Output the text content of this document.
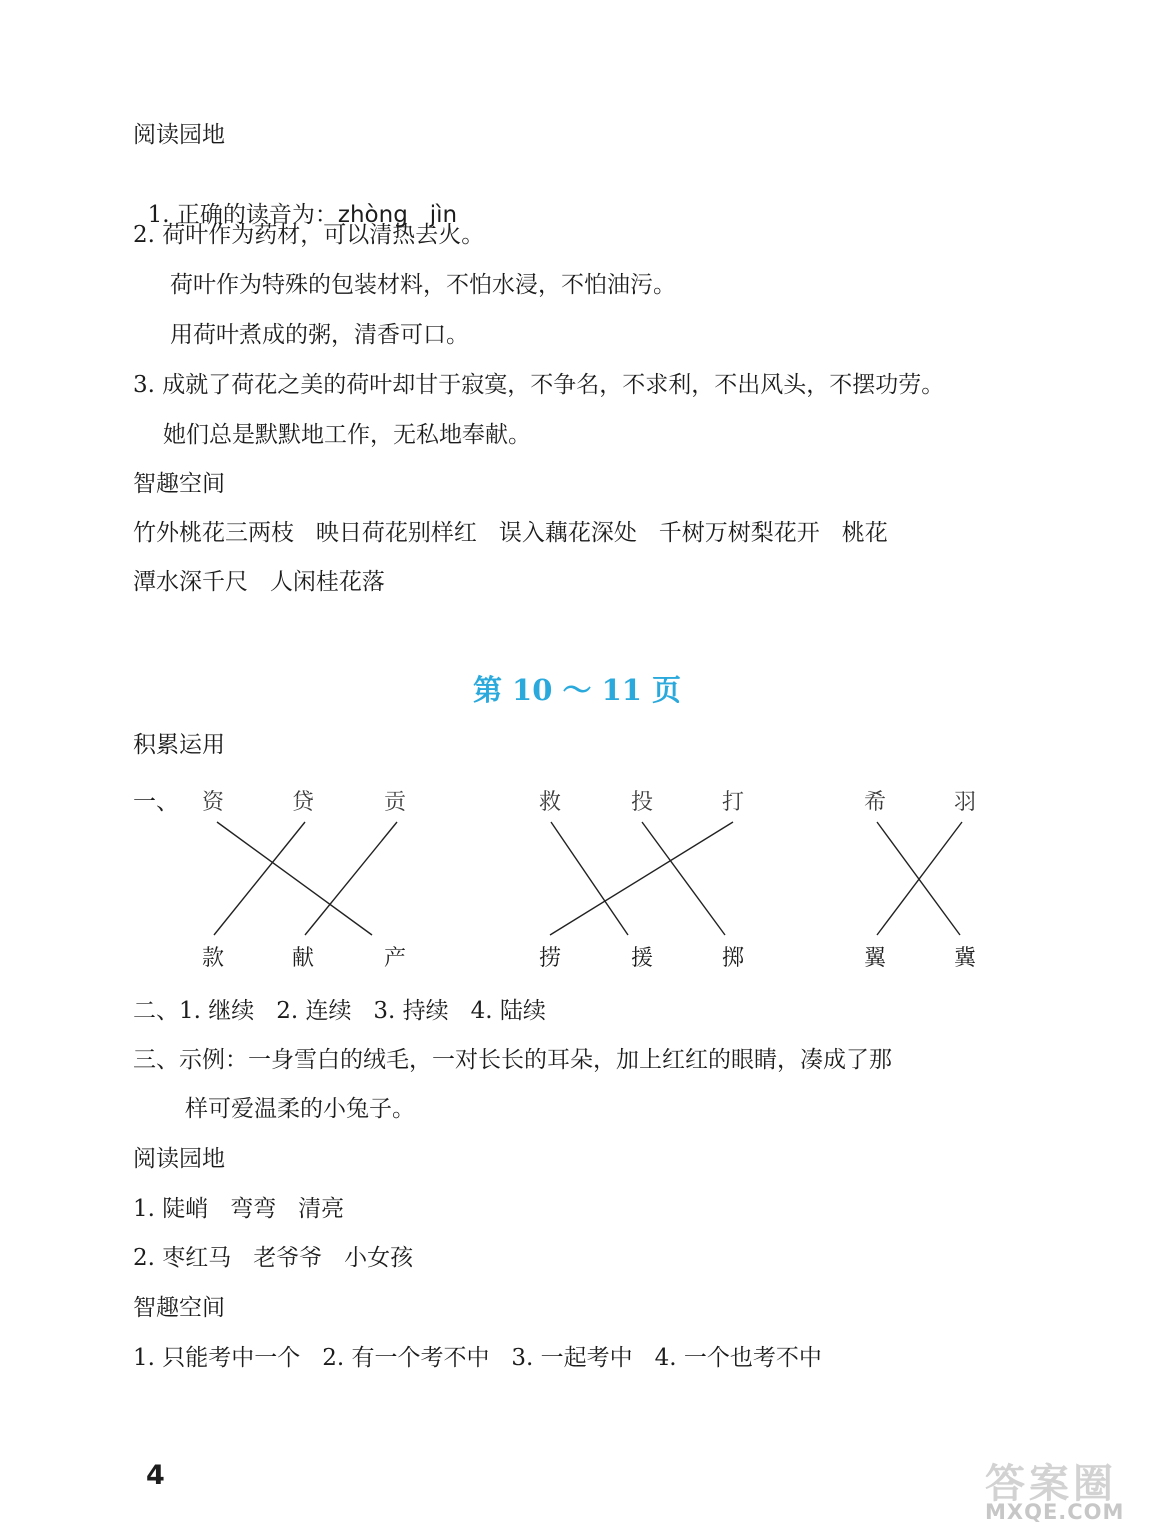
阅读园地

1. 正确的读音为：zhòng   jìn

2. 荷叶作为药材，可以清热去火。
荷叶作为特殊的包装材料，不怕水浸，不怕油污。
用荷叶煮成的粥，清香可口。
3. 成就了荷花之美的荷叶却甘于寂寞，不争名，不求利，不出风头，不摆功劳。
她们总是默默地工作，无私地奉献。
智趣空间
竹外桃花三两枝   映日荷花别样红   误入藕花深处   千树万树梨花开   桃花
潭水深千尺   人闲桂花落
第 10 ～ 11 页
积累运用
一、 资	贷	贡
款	献	产
救	投	打
捞	援	掷
希	羽
翼	冀
二、1. 继续   2. 连续   3. 持续   4. 陆续
三、示例：一身雪白的绒毛，一对长长的耳朵，加上红红的眼睛，凑成了那
样可爱温柔的小兔子。
阅读园地
1. 陡峭   弯弯   清亮
2. 枣红马   老爷爷   小女孩
智趣空间
1. 只能考中一个   2. 有一个考不中   3. 一起考中   4. 一个也考不中
4	答案圈
MXQE.COM
